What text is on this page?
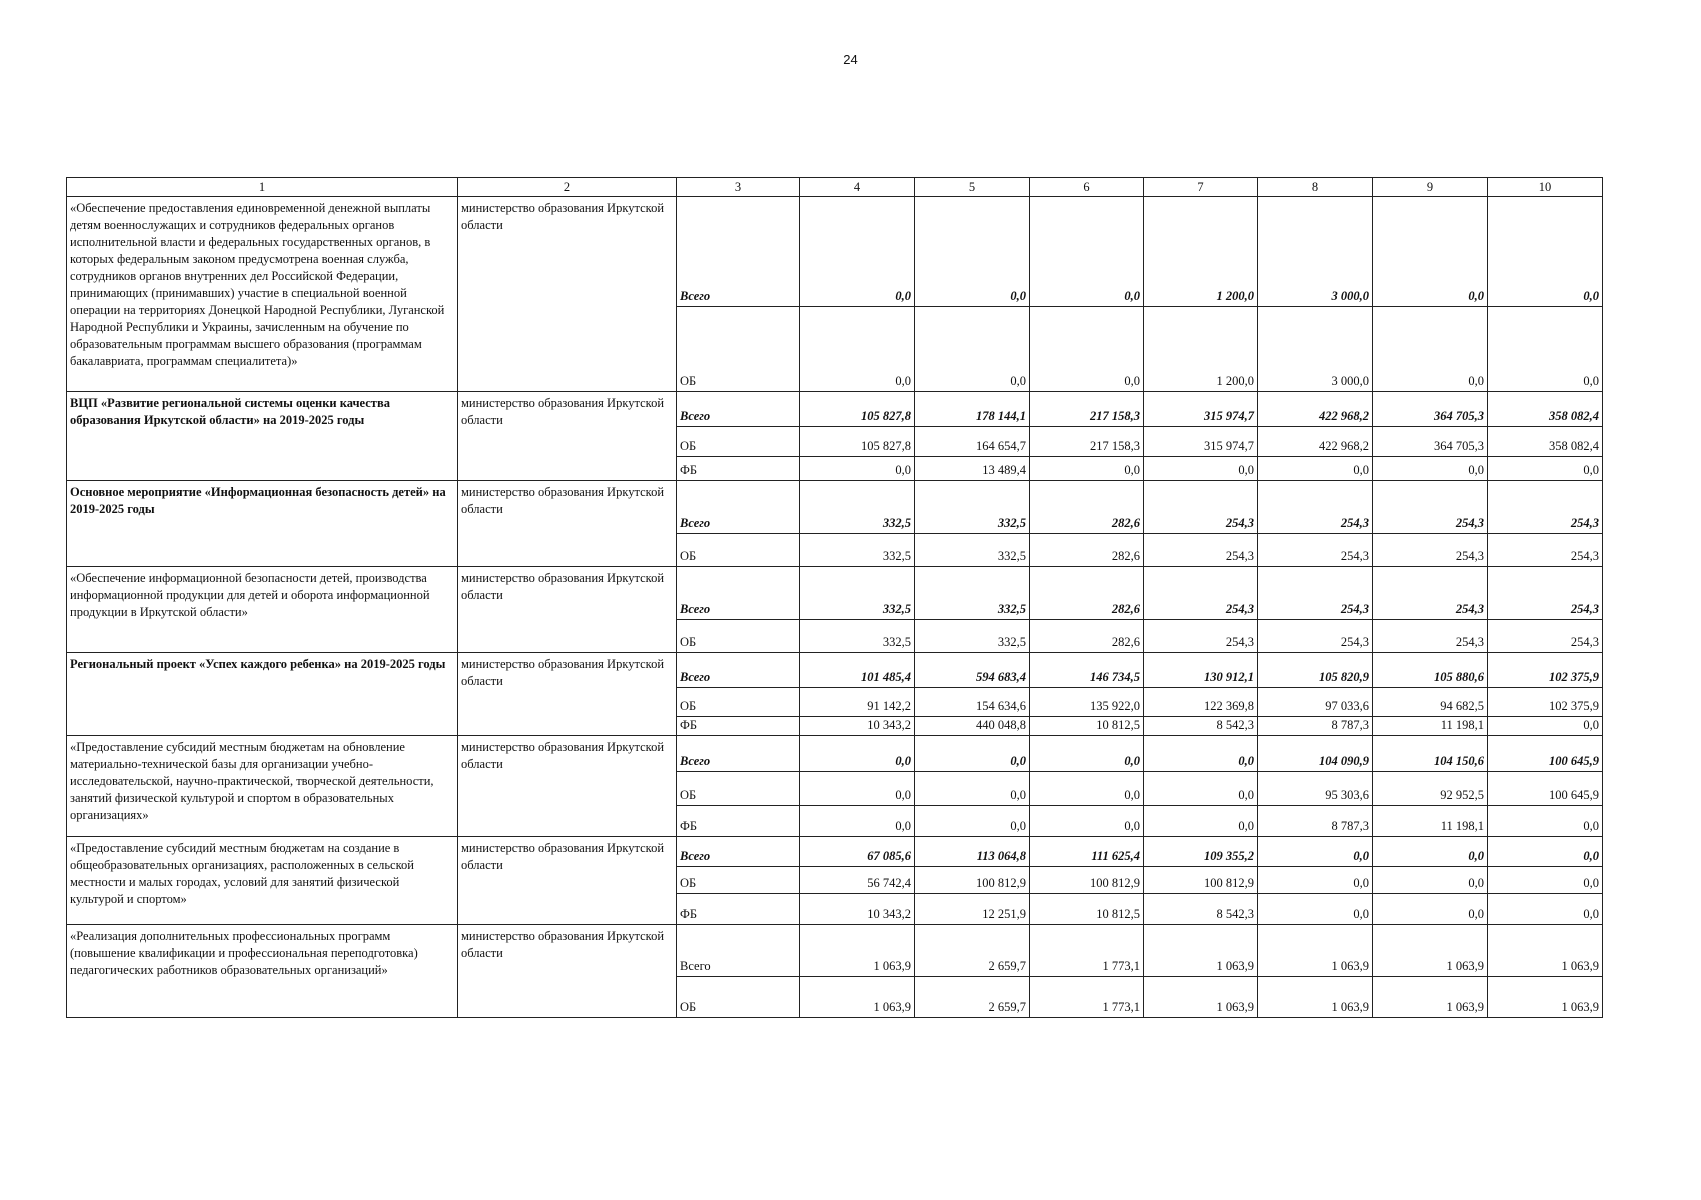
24
1	2	3	4	5	6	7	8	9	10
«Обеспечение предоставления единовременной денежной выплаты детям военнослужащих и сотрудников федеральных органов исполнительной власти и федеральных государственных органов, в которых федеральным законом предусмотрена военная служба, сотрудников органов внутренних дел Российской Федерации, принимающих (принимавших) участие в специальной военной операции на территориях Донецкой Народной Республики, Луганской Народной Республики и Украины, зачисленным на обучение по образовательным программам высшего образования (программам бакалавриата, программам специалитета)»	министерство образования Иркутской области	Всего	0,0	0,0	0,0	1 200,0	3 000,0	0,0	0,0
		ОБ	0,0	0,0	0,0	1 200,0	3 000,0	0,0	0,0
ВЦП «Развитие региональной системы оценки качества образования Иркутской области» на 2019-2025 годы	министерство образования Иркутской области	Всего	105 827,8	178 144,1	217 158,3	315 974,7	422 968,2	364 705,3	358 082,4
		ОБ	105 827,8	164 654,7	217 158,3	315 974,7	422 968,2	364 705,3	358 082,4
		ФБ	0,0	13 489,4	0,0	0,0	0,0	0,0	0,0
Основное мероприятие «Информационная безопасность детей» на 2019-2025 годы	министерство образования Иркутской области	Всего	332,5	332,5	282,6	254,3	254,3	254,3	254,3
		ОБ	332,5	332,5	282,6	254,3	254,3	254,3	254,3
«Обеспечение информационной безопасности детей, производства информационной продукции для детей и оборота информационной продукции в Иркутской области»	министерство образования Иркутской области	Всего	332,5	332,5	282,6	254,3	254,3	254,3	254,3
		ОБ	332,5	332,5	282,6	254,3	254,3	254,3	254,3
Региональный проект «Успех каждого ребенка» на 2019-2025 годы	министерство образования Иркутской области	Всего	101 485,4	594 683,4	146 734,5	130 912,1	105 820,9	105 880,6	102 375,9
		ОБ	91 142,2	154 634,6	135 922,0	122 369,8	97 033,6	94 682,5	102 375,9
		ФБ	10 343,2	440 048,8	10 812,5	8 542,3	8 787,3	11 198,1	0,0
«Предоставление субсидий местным бюджетам на обновление материально-технической базы для организации учебно-исследовательской, научно-практической, творческой деятельности, занятий физической культурой и спортом в образовательных организациях»	министерство образования Иркутской области	Всего	0,0	0,0	0,0	0,0	104 090,9	104 150,6	100 645,9
		ОБ	0,0	0,0	0,0	0,0	95 303,6	92 952,5	100 645,9
		ФБ	0,0	0,0	0,0	0,0	8 787,3	11 198,1	0,0
«Предоставление субсидий местным бюджетам на создание в общеобразовательных организациях, расположенных в сельской местности и малых городах, условий для занятий физической культурой и спортом»	министерство образования Иркутской области	Всего	67 085,6	113 064,8	111 625,4	109 355,2	0,0	0,0	0,0
		ОБ	56 742,4	100 812,9	100 812,9	100 812,9	0,0	0,0	0,0
		ФБ	10 343,2	12 251,9	10 812,5	8 542,3	0,0	0,0	0,0
«Реализация дополнительных профессиональных программ (повышение квалификации и профессиональная переподготовка) педагогических работников образовательных организаций»	министерство образования Иркутской области	Всего	1 063,9	2 659,7	1 773,1	1 063,9	1 063,9	1 063,9	1 063,9
		ОБ	1 063,9	2 659,7	1 773,1	1 063,9	1 063,9	1 063,9	1 063,9
